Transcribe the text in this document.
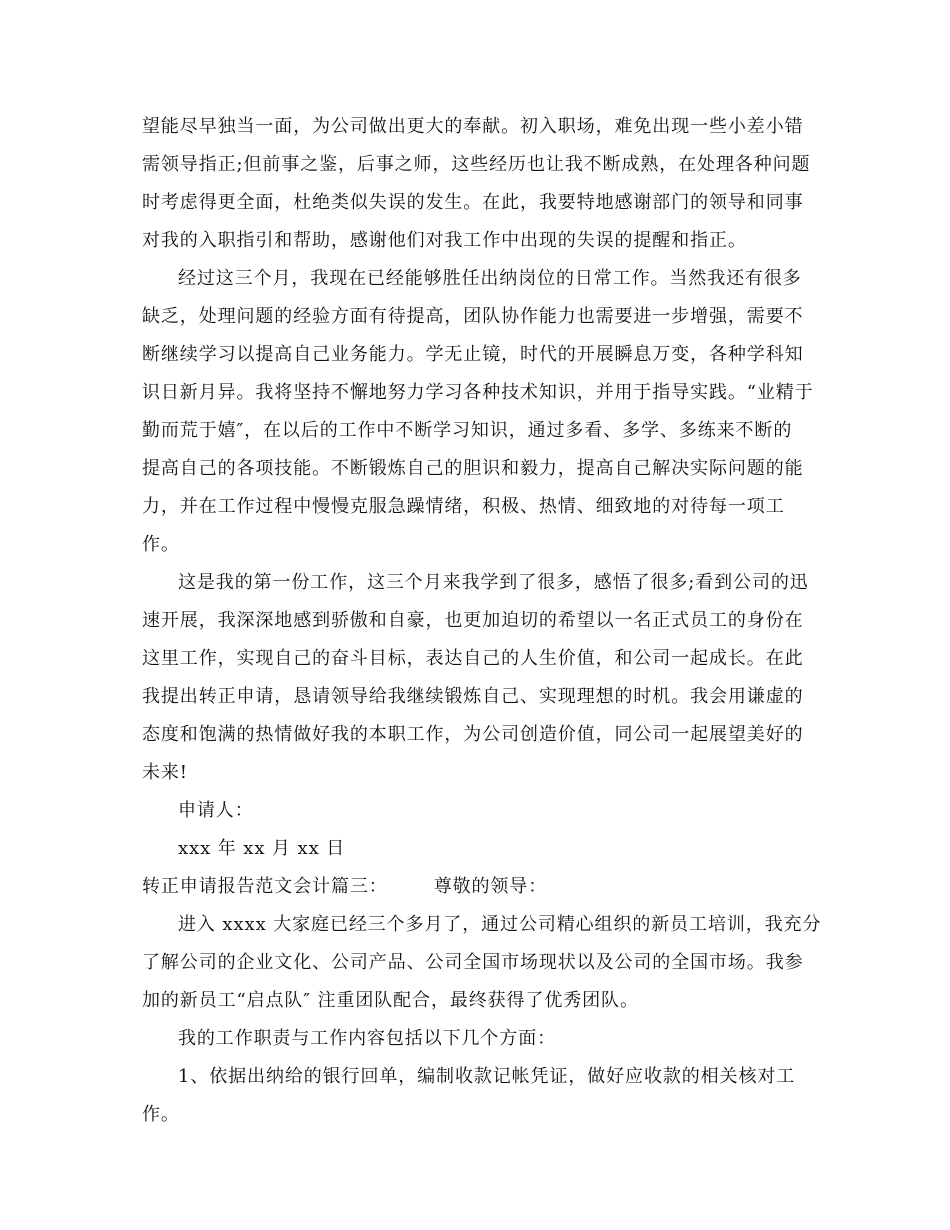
望能尽早独当一面，为公司做出更大的奉献。初入职场，难免出现一些小差小错
需领导指正;但前事之鉴，后事之师，这些经历也让我不断成熟，在处理各种问题
时考虑得更全面，杜绝类似失误的发生。在此，我要特地感谢部门的领导和同事
对我的入职指引和帮助，感谢他们对我工作中出现的失误的提醒和指正。
经过这三个月，我现在已经能够胜任出纳岗位的日常工作。当然我还有很多
缺乏，处理问题的经验方面有待提高，团队协作能力也需要进一步增强，需要不
断继续学习以提高自己业务能力。学无止镜，时代的开展瞬息万变，各种学科知
识日新月异。我将坚持不懈地努力学习各种技术知识，并用于指导实践。“业精于
勤而荒于嬉″，在以后的工作中不断学习知识，通过多看、多学、多练来不断的
提高自己的各项技能。不断锻炼自己的胆识和毅力，提高自己解决实际问题的能
力，并在工作过程中慢慢克服急躁情绪，积极、热情、细致地的对待每一项工
作。
这是我的第一份工作，这三个月来我学到了很多，感悟了很多;看到公司的迅
速开展，我深深地感到骄傲和自豪，也更加迫切的希望以一名正式员工的身份在
这里工作，实现自己的奋斗目标，表达自己的人生价值，和公司一起成长。在此
我提出转正申请，恳请领导给我继续锻炼自己、实现理想的时机。我会用谦虚的
态度和饱满的热情做好我的本职工作，为公司创造价值，同公司一起展望美好的
未来!
申请人：
xxx 年 xx 月 xx 日
转正申请报告范文会计篇三：	尊敬的领导：
进入 xxxx 大家庭已经三个多月了，通过公司精心组织的新员工培训，我充分
了解公司的企业文化、公司产品、公司全国市场现状以及公司的全国市场。我参
加的新员工“启点队″ 注重团队配合，最终获得了优秀团队。
我的工作职责与工作内容包括以下几个方面：
1、依据出纳给的银行回单，编制收款记帐凭证，做好应收款的相关核对工
作。
